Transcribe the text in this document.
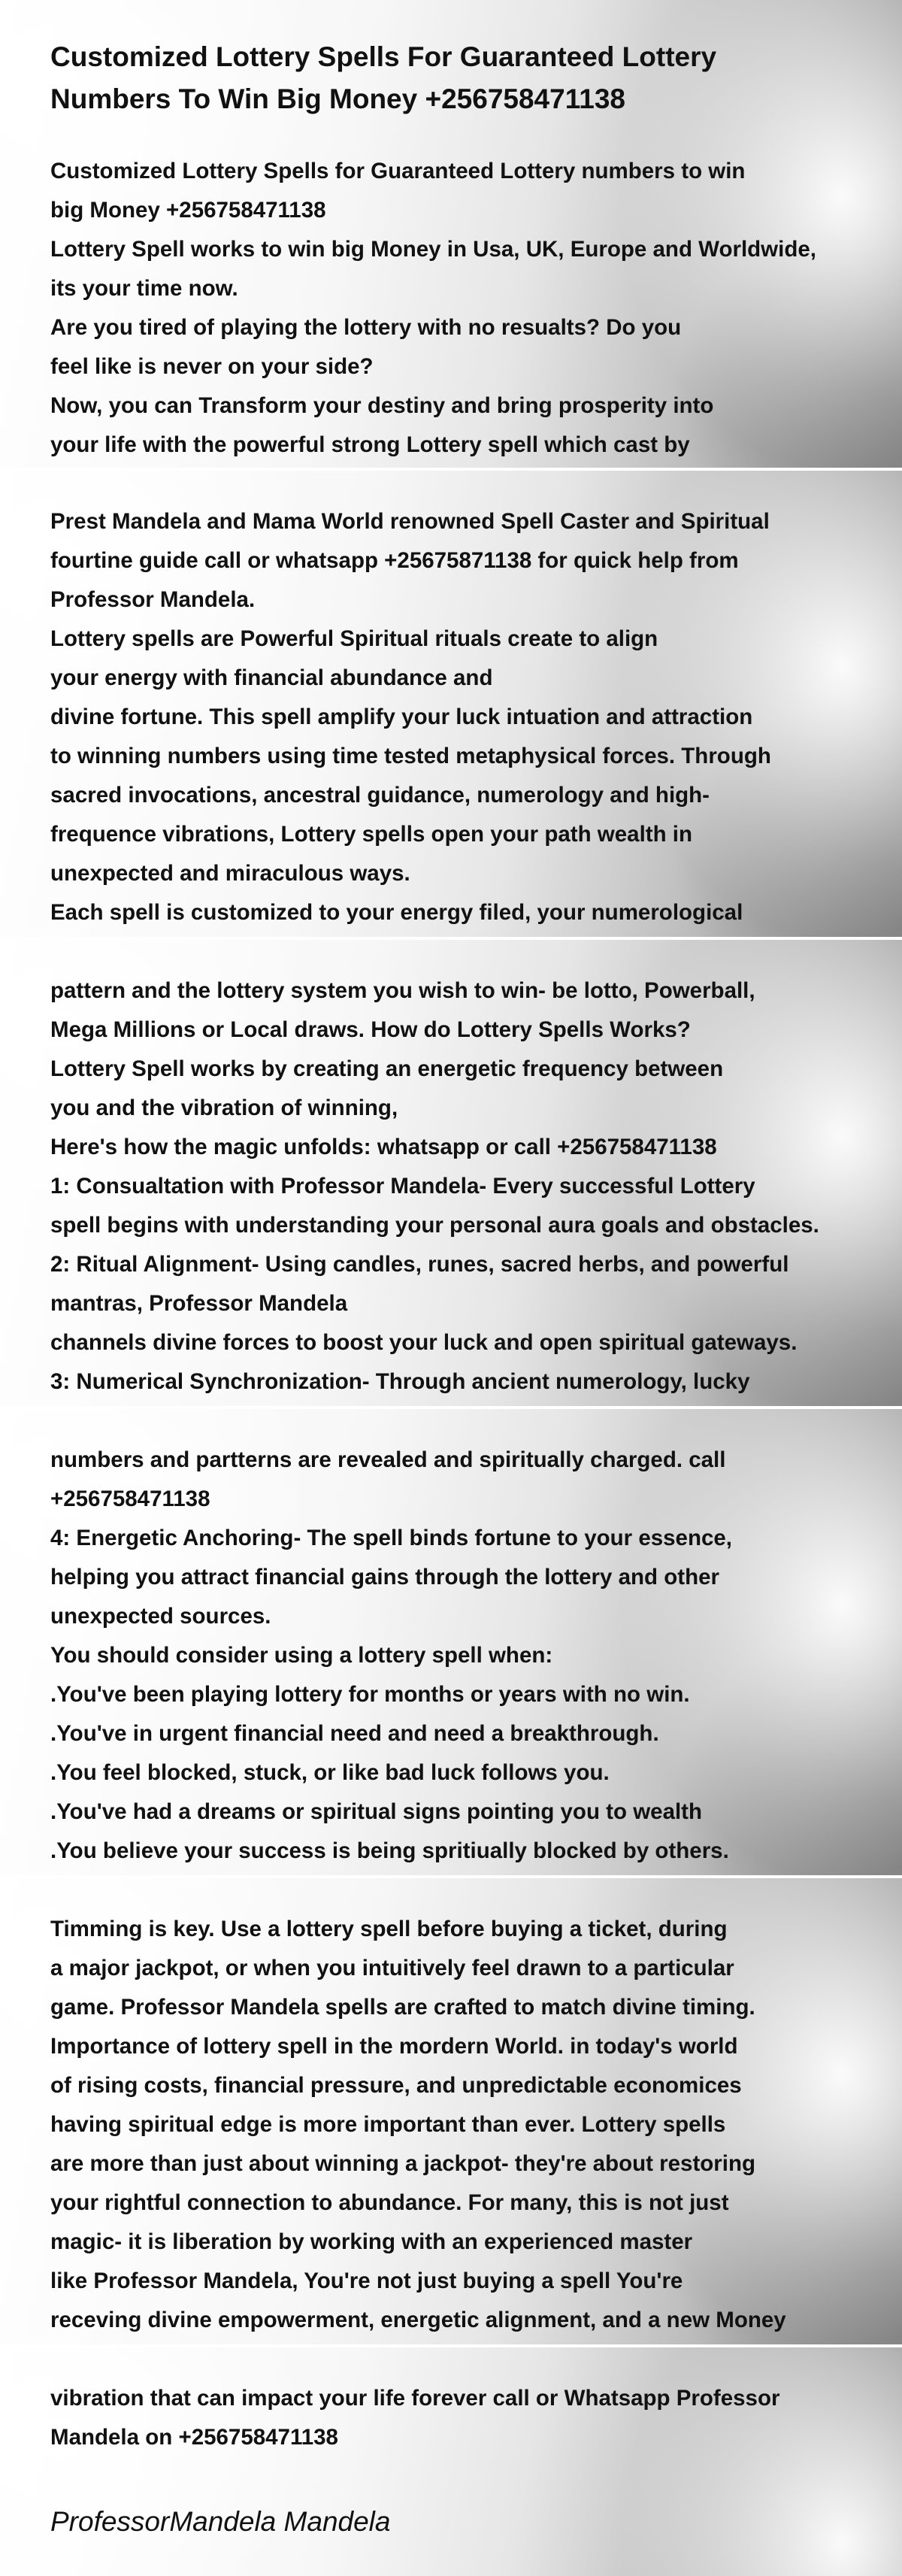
Customized Lottery Spells For Guaranteed Lottery
Numbers To Win Big Money +256758471138
Customized Lottery Spells for Guaranteed Lottery numbers to win
big Money +256758471138
Lottery Spell works to win big Money in Usa, UK, Europe and Worldwide,
its your time now.
Are you tired of playing the lottery with no resualts? Do you
feel like is never on your side?
Now, you can Transform your destiny and bring prosperity into
your life with the powerful strong Lottery spell which cast by
Prest Mandela and Mama World renowned Spell Caster and Spiritual
fourtine guide call or whatsapp +25675871138 for quick help from
Professor Mandela.
Lottery spells are Powerful Spiritual rituals create to align
your energy with financial abundance and
divine fortune. This spell amplify your luck intuation and attraction
to winning numbers using time tested metaphysical forces. Through
sacred invocations, ancestral guidance, numerology and high-
frequence vibrations, Lottery spells open your path wealth in
unexpected and miraculous ways.
Each spell is customized to your energy filed, your numerological
pattern and the lottery system you wish to win- be lotto, Powerball,
Mega Millions or Local draws. How do Lottery Spells Works?
Lottery Spell works by creating an energetic frequency between
you and the vibration of winning,
Here's how the magic unfolds: whatsapp or call +256758471138
1: Consualtation with Professor Mandela- Every successful Lottery
spell begins with understanding your personal aura goals and obstacles.
2: Ritual Alignment- Using candles, runes, sacred herbs, and powerful
mantras, Professor Mandela
channels divine forces to boost your luck and open spiritual gateways.
3: Numerical Synchronization- Through ancient numerology, lucky
numbers and partterns are revealed and spiritually charged. call
+256758471138
4: Energetic Anchoring- The spell binds fortune to your essence,
helping you attract financial gains through the lottery and other
unexpected sources.
You should consider using a lottery spell when:
.You've been playing lottery for months or years with no win.
.You've in urgent financial need and need a breakthrough.
.You feel blocked, stuck, or like bad luck follows you.
.You've had a dreams or spiritual signs pointing you to wealth
.You believe your success is being spritiually blocked by others.
Timming is key. Use a lottery spell before buying a ticket, during
a major jackpot, or when you intuitively feel drawn to a particular
game. Professor Mandela spells are crafted to match divine timing.
Importance of lottery spell in the mordern World. in today's world
of rising costs, financial pressure, and unpredictable economices
having spiritual edge is more important than ever. Lottery spells
are more than just about winning a jackpot- they're about restoring
your rightful connection to abundance. For many, this is not just
magic- it is liberation by working with an experienced master
like Professor Mandela, You're not just buying a spell You're
receving divine empowerment, energetic alignment, and a new Money
vibration that can impact your life forever call or Whatsapp Professor
Mandela on +256758471138
ProfessorMandela Mandela
